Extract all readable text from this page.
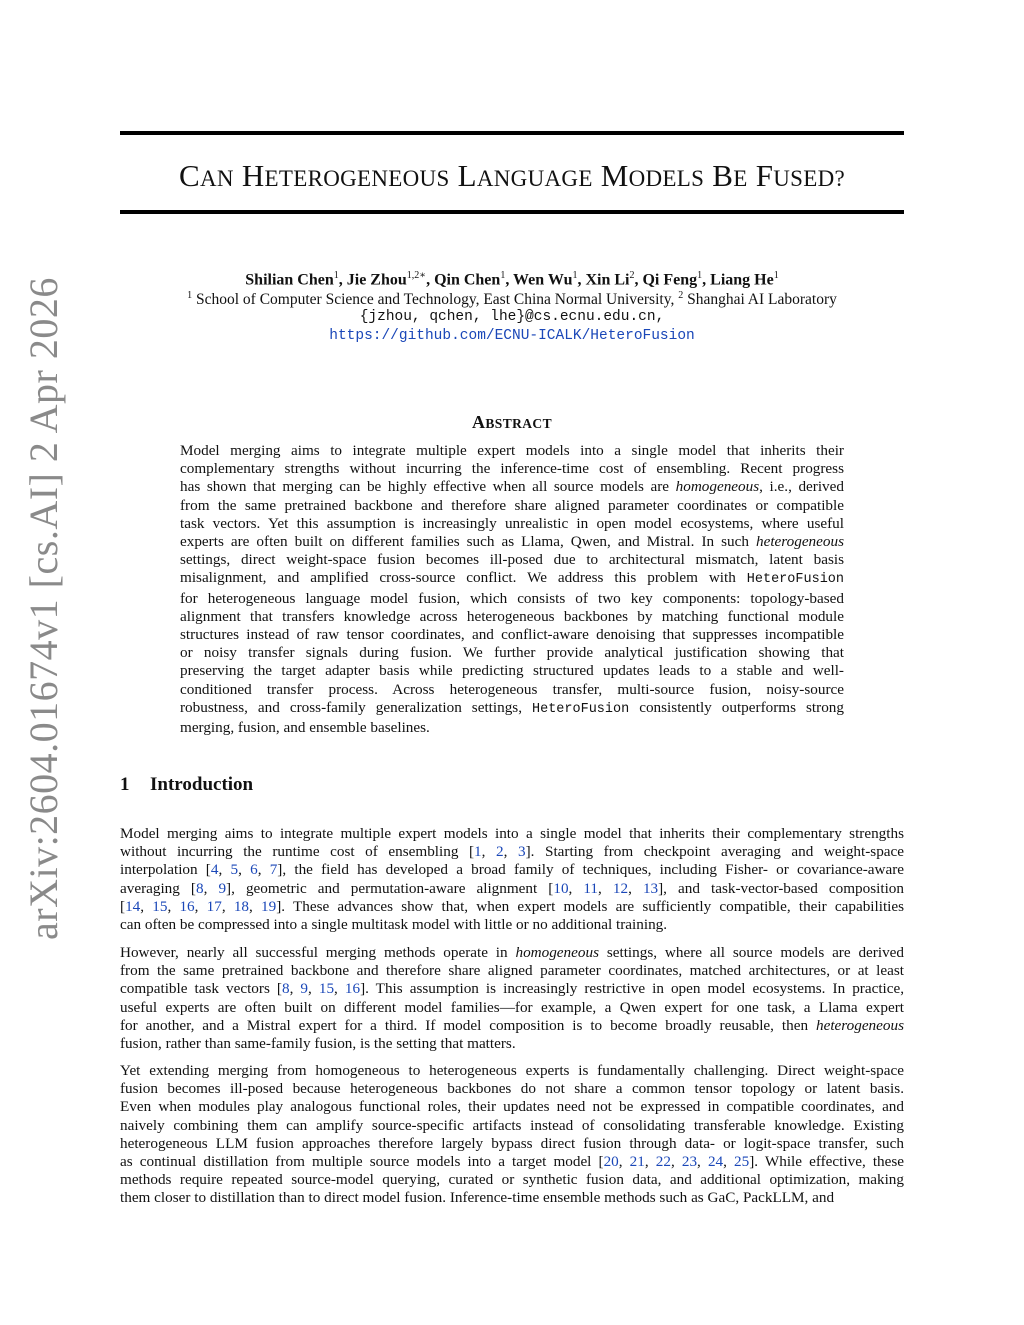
arXiv:2604.01674v1 [cs.AI] 2 Apr 2026
CAN HETEROGENEOUS LANGUAGE MODELS BE FUSED?
Shilian Chen$^1$, Jie Zhou$^{1,2∗}$, Qin Chen$^1$, Wen Wu$^1$, Xin Li$^2$, Qi Feng$^1$, Liang He$^1$
$^1$ School of Computer Science and Technology, East China Normal University, $^2$ Shanghai AI Laboratory
{jzhou, qchen, lhe}@cs.ecnu.edu.cn,
https://github.com/ECNU-ICALK/HeteroFusion
ABSTRACT
Model merging aims to integrate multiple expert models into a single model that inherits their
complementary strengths without incurring the inference-time cost of ensembling. Recent progress
has shown that merging can be highly effective when all source models are homogeneous, i.e., derived
from the same pretrained backbone and therefore share aligned parameter coordinates or compatible
task vectors. Yet this assumption is increasingly unrealistic in open model ecosystems, where useful
experts are often built on different families such as Llama, Qwen, and Mistral. In such heterogeneous
settings, direct weight-space fusion becomes ill-posed due to architectural mismatch, latent basis
misalignment, and amplified cross-source conflict. We address this problem with HeteroFusion
for heterogeneous language model fusion, which consists of two key components: topology-based
alignment that transfers knowledge across heterogeneous backbones by matching functional module
structures instead of raw tensor coordinates, and conflict-aware denoising that suppresses incompatible
or noisy transfer signals during fusion. We further provide analytical justification showing that
preserving the target adapter basis while predicting structured updates leads to a stable and well-
conditioned transfer process. Across heterogeneous transfer, multi-source fusion, noisy-source
robustness, and cross-family generalization settings, HeteroFusion consistently outperforms strong
merging, fusion, and ensemble baselines.
1 Introduction
Model merging aims to integrate multiple expert models into a single model that inherits their complementary strengths
without incurring the runtime cost of ensembling [1, 2, 3]. Starting from checkpoint averaging and weight-space
interpolation [4, 5, 6, 7], the field has developed a broad family of techniques, including Fisher- or covariance-aware
averaging [8, 9], geometric and permutation-aware alignment [10, 11, 12, 13], and task-vector-based composition
[14, 15, 16, 17, 18, 19]. These advances show that, when expert models are sufficiently compatible, their capabilities
can often be compressed into a single multitask model with little or no additional training.
However, nearly all successful merging methods operate in homogeneous settings, where all source models are derived
from the same pretrained backbone and therefore share aligned parameter coordinates, matched architectures, or at least
compatible task vectors [8, 9, 15, 16]. This assumption is increasingly restrictive in open model ecosystems. In practice,
useful experts are often built on different model families—for example, a Qwen expert for one task, a Llama expert
for another, and a Mistral expert for a third. If model composition is to become broadly reusable, then heterogeneous
fusion, rather than same-family fusion, is the setting that matters.
Yet extending merging from homogeneous to heterogeneous experts is fundamentally challenging. Direct weight-space
fusion becomes ill-posed because heterogeneous backbones do not share a common tensor topology or latent basis.
Even when modules play analogous functional roles, their updates need not be expressed in compatible coordinates, and
naively combining them can amplify source-specific artifacts instead of consolidating transferable knowledge. Existing
heterogeneous LLM fusion approaches therefore largely bypass direct fusion through data- or logit-space transfer, such
as continual distillation from multiple source models into a target model [20, 21, 22, 23, 24, 25]. While effective, these
methods require repeated source-model querying, curated or synthetic fusion data, and additional optimization, making
them closer to distillation than to direct model fusion. Inference-time ensemble methods such as GaC, PackLLM, and
